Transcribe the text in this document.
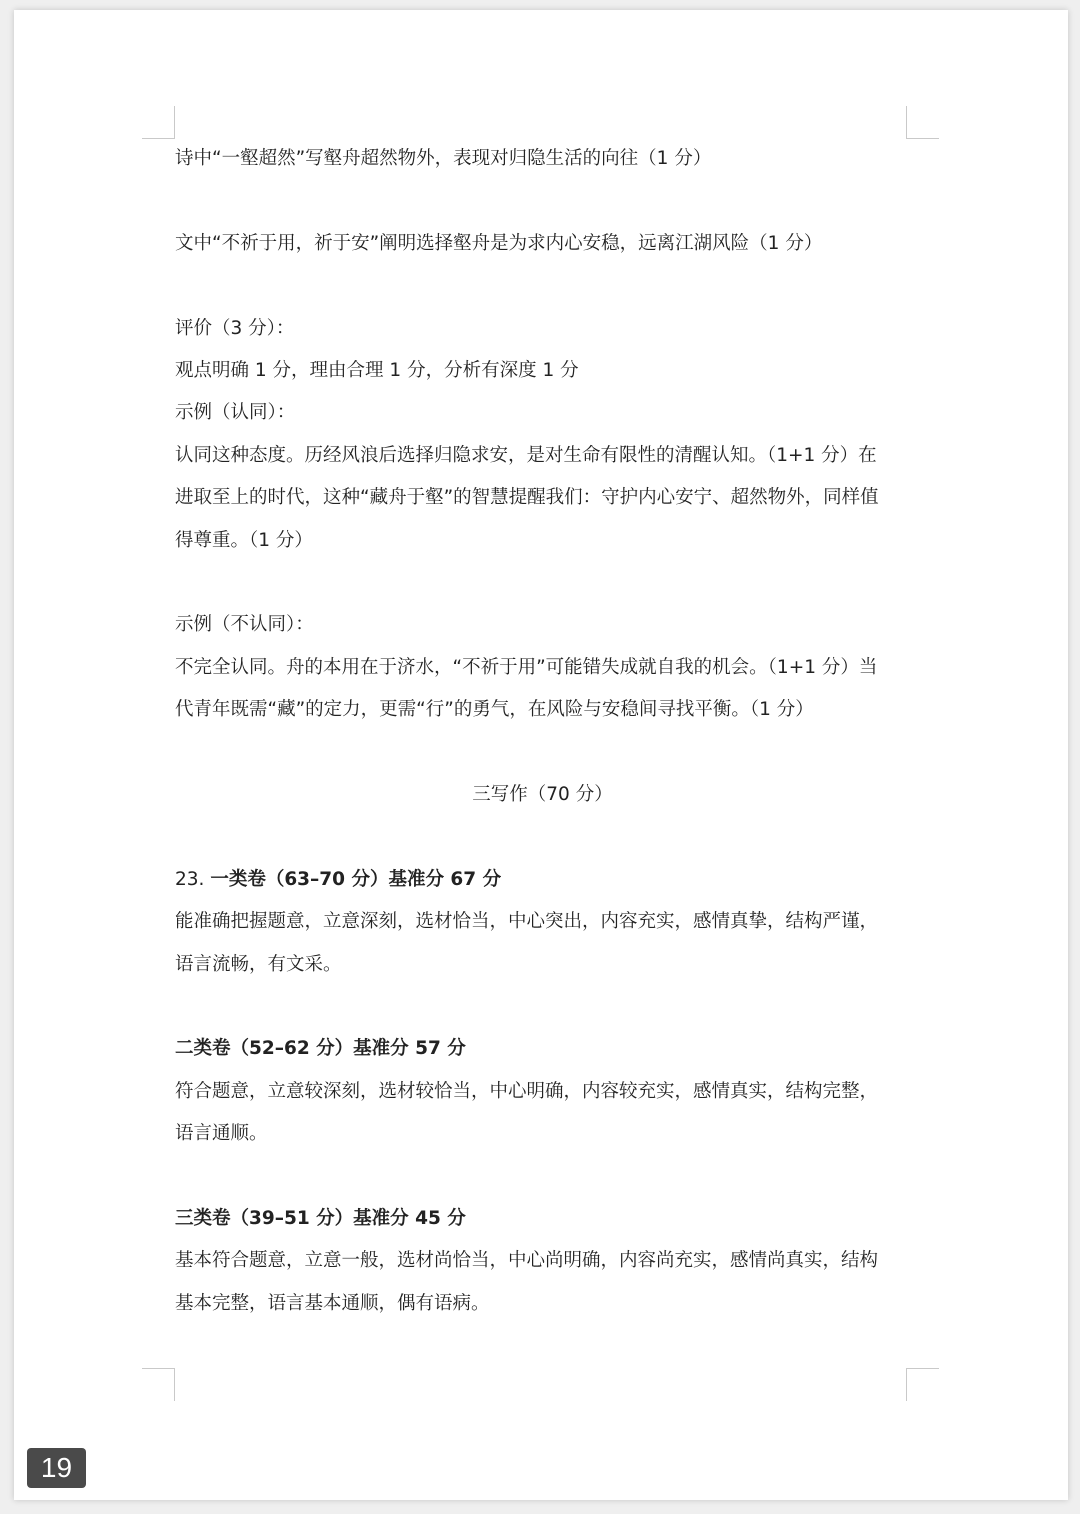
诗中“一壑超然”写壑舟超然物外，表现对归隐生活的向往（1 分）

文中“不祈于用，祈于安”阐明选择壑舟是为求内心安稳，远离江湖风险（1 分）

评价（3 分）：

观点明确 1 分，理由合理 1 分，分析有深度 1 分

示例（认同）：

认同这种态度。历经风浪后选择归隐求安，是对生命有限性的清醒认知。（1+1 分）在

进取至上的时代，这种“藏舟于壑”的智慧提醒我们：守护内心安宁、超然物外，同样值

得尊重。（1 分）

示例（不认同）：

不完全认同。舟的本用在于济水，“不祈于用”可能错失成就自我的机会。（1+1 分）当

代青年既需“藏”的定力，更需“行”的勇气，在风险与安稳间寻找平衡。（1 分）

三写作（70 分）

23. 一类卷（63–70 分）基准分 67 分

能准确把握题意，立意深刻，选材恰当，中心突出，内容充实，感情真挚，结构严谨，

语言流畅，有文采。

二类卷（52–62 分）基准分 57 分

符合题意，立意较深刻，选材较恰当，中心明确，内容较充实，感情真实，结构完整，

语言通顺。

三类卷（39–51 分）基准分 45 分

基本符合题意，立意一般，选材尚恰当，中心尚明确，内容尚充实，感情尚真实，结构

基本完整，语言基本通顺，偶有语病。

19
